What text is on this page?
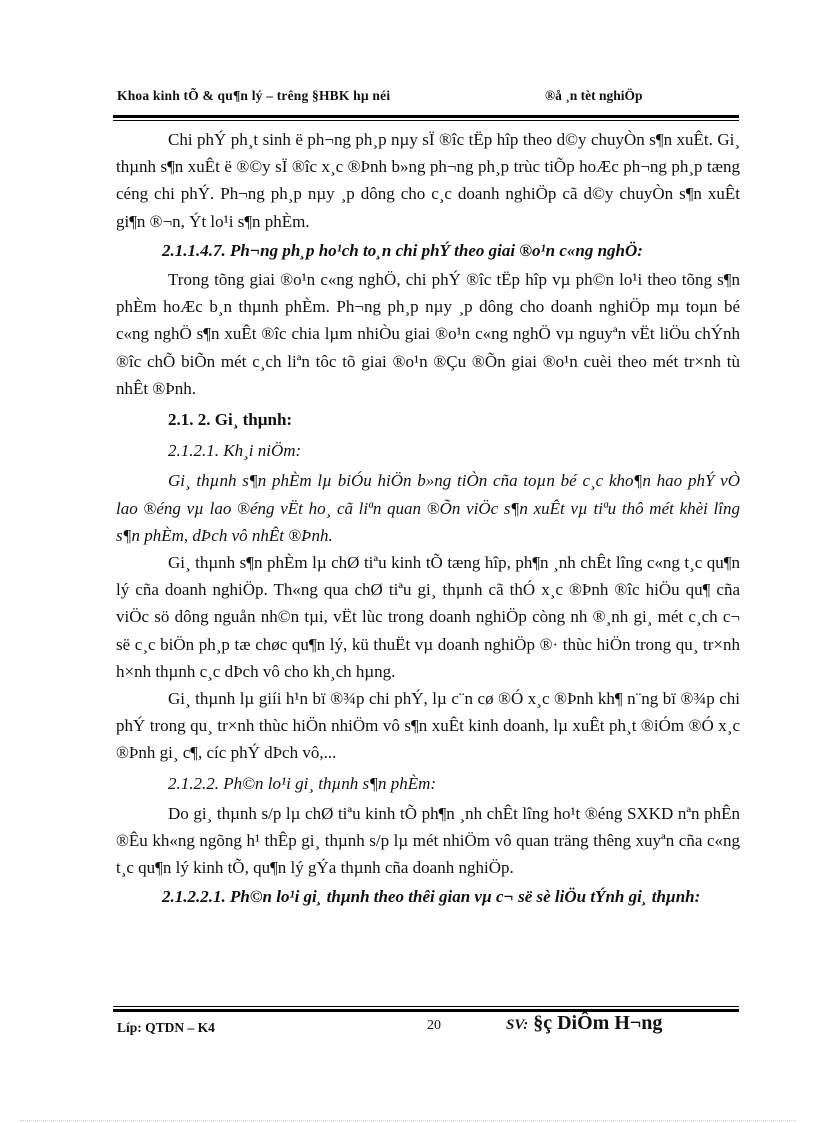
Khoa kinh tÕ & qu¶n lý – trêng §HBK hµ néi	®å ¸n tèt nghiÖp

Chi phÝ ph¸t sinh ë ph¬ng ph¸p nµy sÏ ®îc tËp hîp theo d©y chuyÒn s¶n xuÊt. Gi¸ thµnh s¶n xuÊt ë ®©y sÏ ®îc x¸c ®Þnh b»ng ph¬ng ph¸p trùc tiÕp hoÆc ph¬ng ph¸p tæng céng chi phÝ. Ph¬ng ph¸p nµy ¸p dông cho c¸c doanh nghiÖp cã d©y chuyÒn s¶n xuÊt gi¶n ®¬n, Ýt lo¹i s¶n phÈm.

2.1.1.4.7. Ph¬ng ph¸p ho¹ch to¸n chi phÝ theo giai ®o¹n c«ng nghÖ:

Trong tõng giai ®o¹n c«ng nghÖ, chi phÝ ®îc tËp hîp vµ ph©n lo¹i theo tõng s¶n phÈm hoÆc b¸n thµnh phÈm. Ph¬ng ph¸p nµy ¸p dông cho doanh nghiÖp mµ toµn bé c«ng nghÖ s¶n xuÊt ®îc chia lµm nhiÒu giai ®o¹n c«ng nghÖ vµ nguyªn vËt liÖu chÝnh ®îc chÕ biÕn mét c¸ch liªn tôc tõ giai ®o¹n ®Çu ®Õn giai ®o¹n cuèi theo mét tr×nh tù nhÊt ®Þnh.

2.1. 2. Gi¸ thµnh:

2.1.2.1. Kh¸i niÖm:

Gi¸ thµnh s¶n phÈm lµ biÓu hiÖn b»ng tiÒn cña toµn bé c¸c kho¶n hao phÝ vÒ lao ®éng vµ lao ®éng vËt ho¸ cã liªn quan ®Õn viÖc s¶n xuÊt vµ tiªu thô mét khèi lîng s¶n phÈm, dÞch vô nhÊt ®Þnh.

Gi¸ thµnh s¶n phÈm lµ chØ tiªu kinh tÕ tæng hîp, ph¶n ¸nh chÊt lîng c«ng t¸c qu¶n lý cña doanh nghiÖp. Th«ng qua chØ tiªu gi¸ thµnh cã thÓ x¸c ®Þnh ®îc hiÖu qu¶ cña viÖc sö dông nguån nh©n tµi, vËt lùc trong doanh nghiÖp còng nh ®¸nh gi¸ mét c¸ch c¬ së c¸c biÖn ph¸p tæ chøc qu¶n lý, kü thuËt vµ doanh nghiÖp ®· thùc hiÖn trong qu¸ tr×nh h×nh thµnh c¸c dÞch vô cho kh¸ch hµng.

Gi¸ thµnh lµ giíi h¹n bï ®¾p chi phÝ, lµ c¨n cø ®Ó x¸c ®Þnh kh¶ n¨ng bï ®¾p chi phÝ trong qu¸ tr×nh thùc hiÖn nhiÖm vô s¶n xuÊt kinh doanh, lµ xuÊt ph¸t ®iÓm ®Ó x¸c ®Þnh gi¸ c¶, cíc phÝ dÞch vô,...

2.1.2.2. Ph©n lo¹i gi¸ thµnh s¶n phÈm:

Do gi¸ thµnh s/p lµ chØ tiªu kinh tÕ ph¶n ¸nh chÊt lîng ho¹t ®éng SXKD nªn phÊn ®Êu kh«ng ngõng h¹ thÊp gi¸ thµnh s/p lµ mét nhiÖm vô quan träng thêng xuyªn cña c«ng t¸c qu¶n lý kinh tÕ, qu¶n lý gÝa thµnh cña doanh nghiÖp.

2.1.2.2.1. Ph©n lo¹i gi¸ thµnh theo thêi gian vµ c¬ së sè liÖu tÝnh gi¸ thµnh:

Líp: QTDN – K4	20	SV: §ç DiÔm H¬ng
